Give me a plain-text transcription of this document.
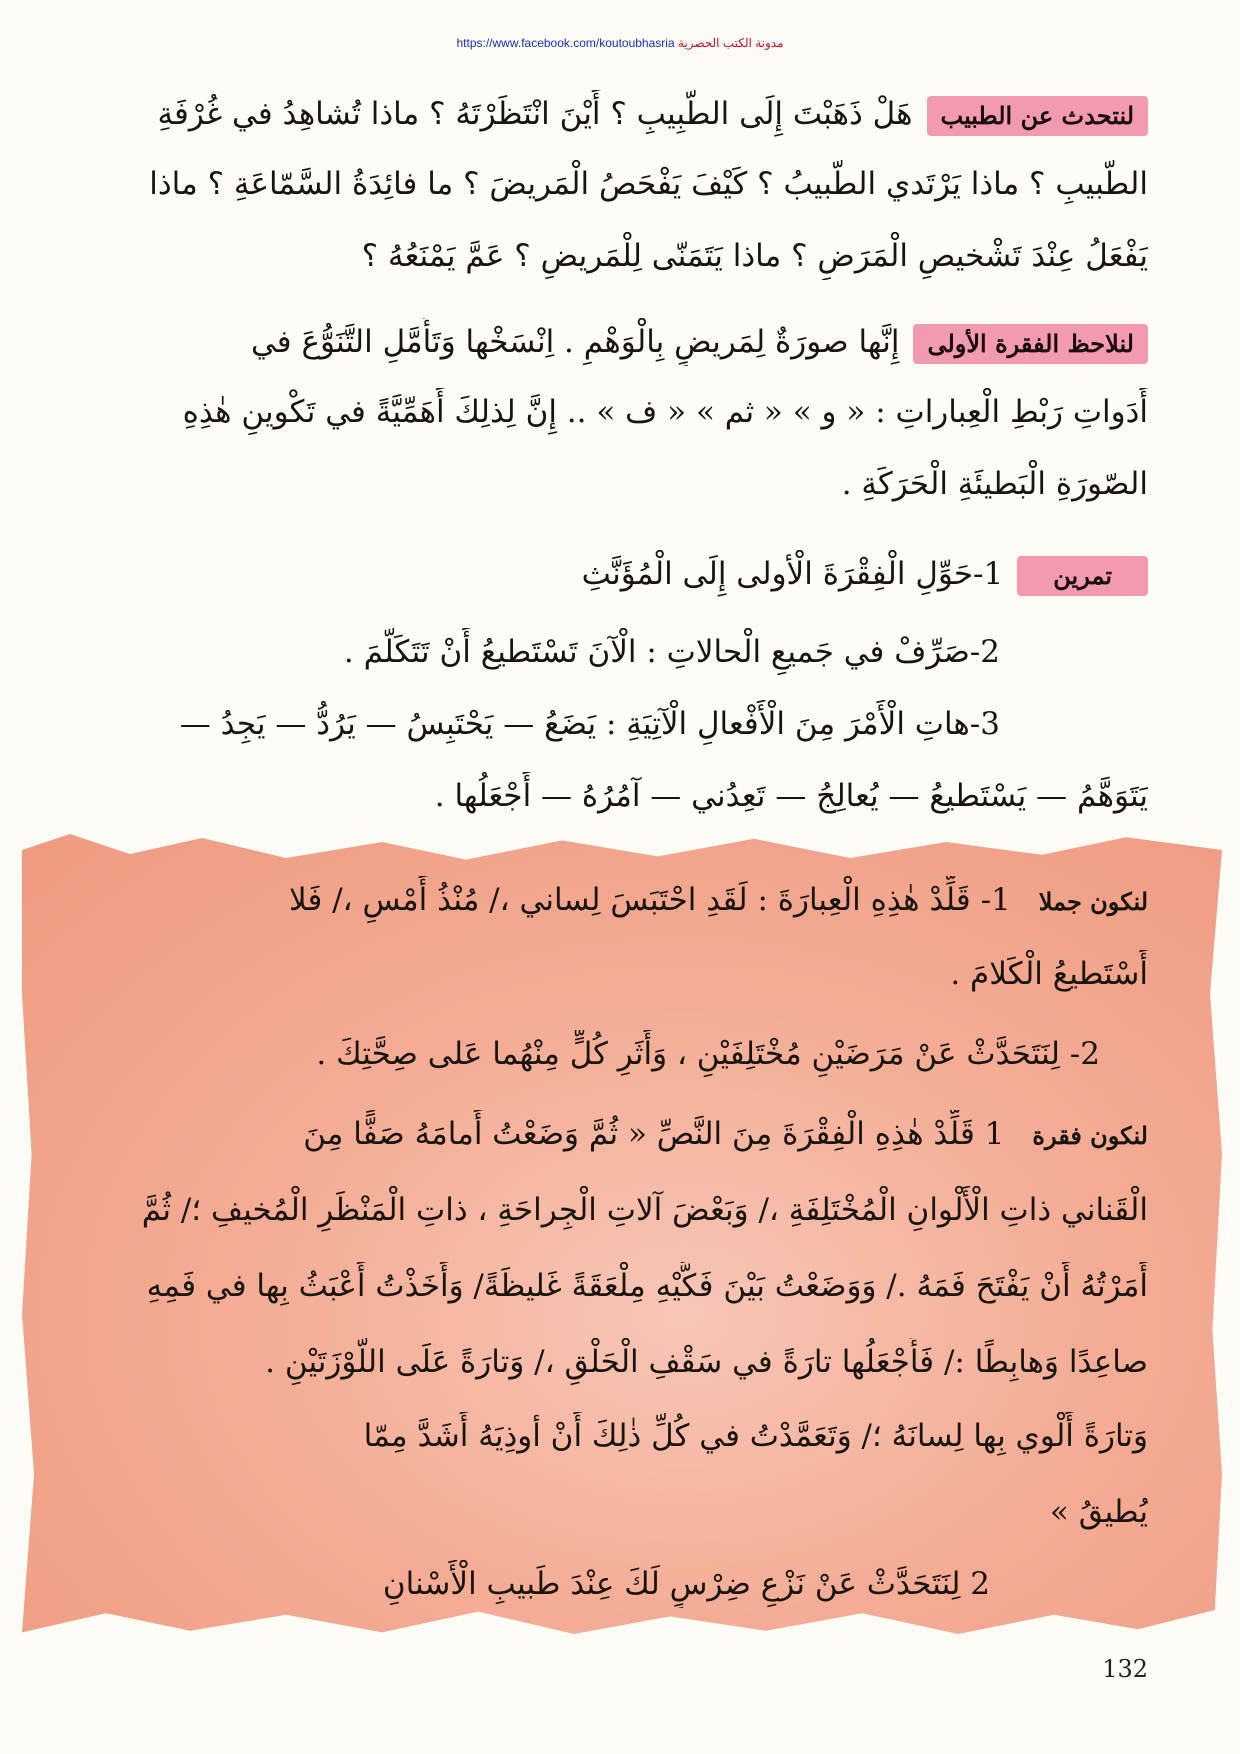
https://www.facebook.com/koutoubhasria مدونة الكتب الحصرية
لنتحدث عن الطبيبهَلْ ذَهَبْتَ إِلَى الطَّبِيبِ ؟ أَيْنَ انْتَظَرْتَهُ ؟ ماذا تُشاهِدُ في غُرْفَةِ
الطَّبيبِ ؟ ماذا يَرْتَدي الطَّبيبُ ؟ كَيْفَ يَفْحَصُ الْمَريضَ ؟ ما فائِدَةُ السَّمّاعَةِ ؟ ماذا
يَفْعَلُ عِنْدَ تَشْخيصِ الْمَرَضِ ؟ ماذا يَتَمَنّى لِلْمَريضِ ؟ عَمَّ يَمْنَعُهُ ؟
لنلاحظ الفقرة الأولىإِنَّها صورَةٌ لِمَريضٍ بِالْوَهْمِ . اِنْسَخْها وَتَأَمَّلِ التَّنَوُّعَ في
أَدَواتِ رَبْطِ الْعِباراتِ : « و » « ثم » « ف » .. إِنَّ لِذلِكَ أَهَمِّيَّةً في تَكْوينِ هٰذِهِ
الصّورَةِ الْبَطيئَةِ الْحَرَكَةِ .
تمرين1-حَوِّلِ الْفِقْرَةَ الْأولى إِلَى الْمُؤَنَّثِ
2-صَرِّفْ في جَميعِ الْحالاتِ : الْآنَ تَسْتَطيعُ أَنْ تَتَكَلَّمَ .
3-هاتِ الْأَمْرَ مِنَ الْأَفْعالِ الْآتِيَةِ : يَضَعُ — يَحْتَبِسُ — يَرُدُّ — يَجِدُ —
يَتَوَهَّمُ — يَسْتَطيعُ — يُعالِجُ — تَعِدُني — آمُرُهُ — أَجْعَلُها .
لنكون جملا1- قَلِّدْ هٰذِهِ الْعِبارَةَ : لَقَدِ احْتَبَسَ لِساني ،/ مُنْذُ أَمْسِ ،/ فَلا
أَسْتَطيعُ الْكَلامَ .
2- لِنَتَحَدَّثْ عَنْ مَرَضَيْنِ مُخْتَلِفَيْنِ ، وَأَثَرِ كُلٍّ مِنْهُما عَلى صِحَّتِكَ .
لنكون فقرة1 قَلِّدْ هٰذِهِ الْفِقْرَةَ مِنَ النَّصِّ « ثُمَّ وَضَعْتُ أَمامَهُ صَفًّا مِنَ
الْقَناني ذاتِ الْأَلْوانِ الْمُخْتَلِفَةِ ،/ وَبَعْضَ آلاتِ الْجِراحَةِ ، ذاتِ الْمَنْظَرِ الْمُخيفِ ؛/ ثُمَّ
أَمَرْتُهُ أَنْ يَفْتَحَ فَمَهُ ./ وَوَضَعْتُ بَيْنَ فَكَّيْهِ مِلْعَقَةً غَليظَةً/ وَأَخَذْتُ أَعْبَثُ بِها في فَمِهِ
صاعِدًا وَهابِطًا :/ فَأَجْعَلُها تارَةً في سَقْفِ الْحَلْقِ ،/ وَتارَةً عَلَى اللَّوْزَتَيْنِ .
وَتارَةً أَلْوي بِها لِسانَهُ ؛/ وَتَعَمَّدْتُ في كُلِّ ذٰلِكَ أَنْ أوذِيَهُ أَشَدَّ مِمّا
يُطيقُ »
2 لِنَتَحَدَّثْ عَنْ نَزْعِ ضِرْسٍ لَكَ عِنْدَ طَبيبِ الْأَسْنانِ
132
